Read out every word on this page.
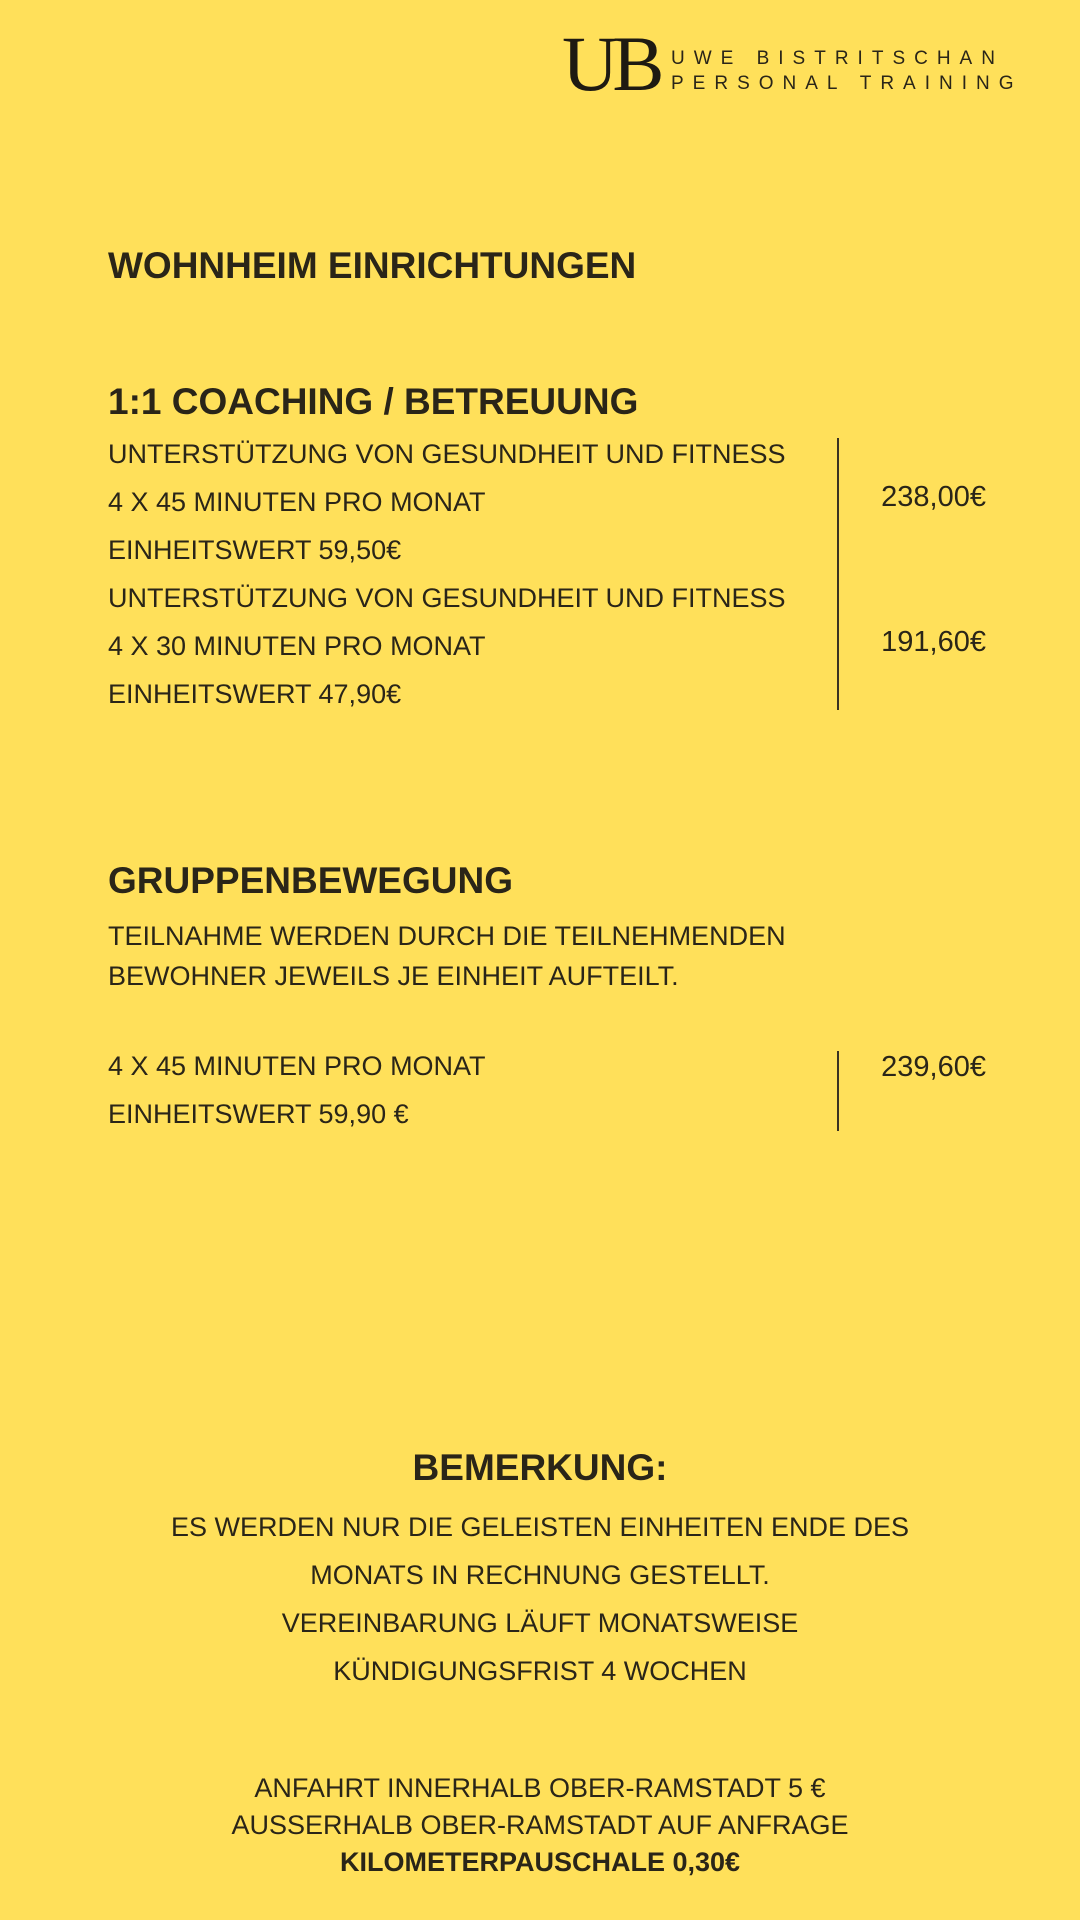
UB UWE BISTRITSCHAN
PERSONAL TRAINING
WOHNHEIM EINRICHTUNGEN
1:1 COACHING / BETREUUNG
UNTERSTÜTZUNG VON GESUNDHEIT UND FITNESS
4 X 45 MINUTEN PRO MONAT
EINHEITSWERT 59,50€
238,00€
UNTERSTÜTZUNG VON GESUNDHEIT UND FITNESS
4 X 30 MINUTEN PRO MONAT
EINHEITSWERT 47,90€
191,60€
GRUPPENBEWEGUNG
TEILNAHME WERDEN DURCH DIE TEILNEHMENDEN
BEWOHNER JEWEILS JE EINHEIT AUFTEILT.
4 X 45 MINUTEN PRO MONAT
EINHEITSWERT 59,90 €
239,60€
BEMERKUNG:
ES WERDEN NUR DIE GELEISTEN EINHEITEN ENDE DES
MONATS IN RECHNUNG GESTELLT.
VEREINBARUNG LÄUFT MONATSWEISE
KÜNDIGUNGSFRIST 4 WOCHEN
ANFAHRT INNERHALB OBER-RAMSTADT 5 €
AUSSERHALB OBER-RAMSTADT AUF ANFRAGE
KILOMETERPAUSCHALE 0,30€
